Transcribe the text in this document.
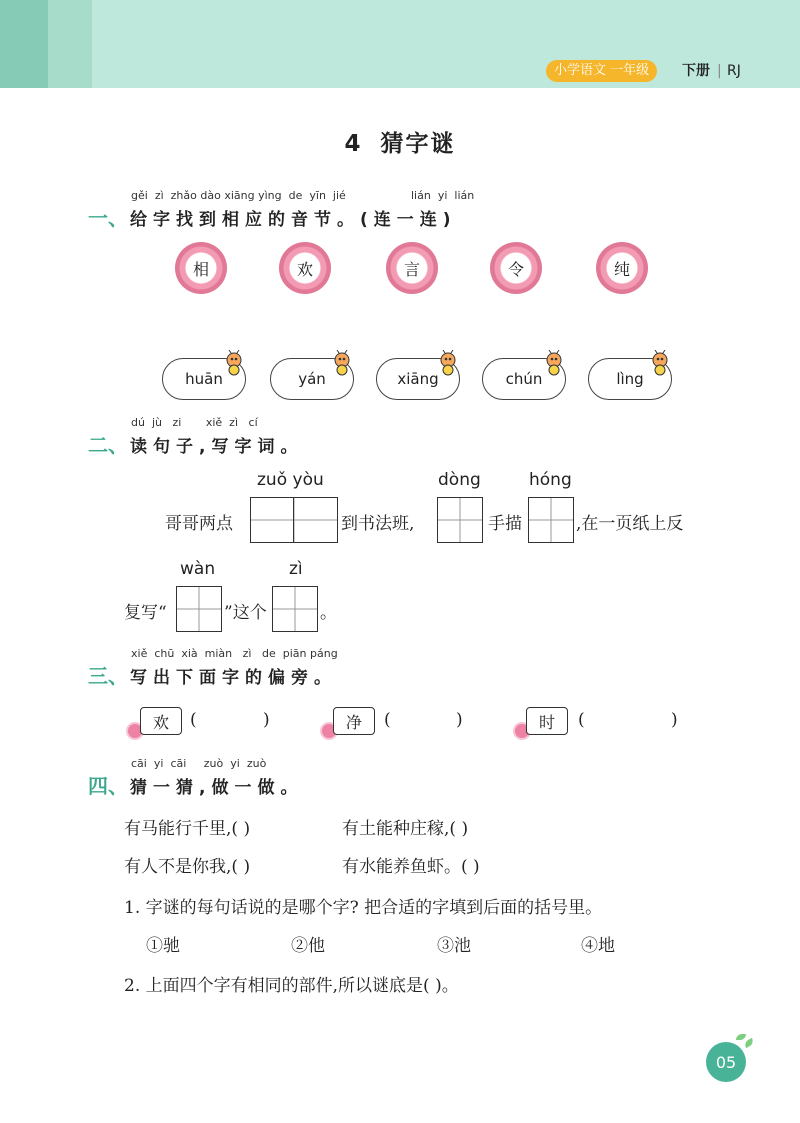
小学语文 一年级	下册 | RJ
4 猜字谜
gěi zì zhǎo dào xiāng yìng de yīn jié	lián yi lián
一、 给字找到相应的音节。(连一连)
相	欢	言	令	纯
huān	yán	xiāng	chún	lìng
dú jù zi xiě zì cí
二、 读句子,写字词。
zuǒ yòu	dòng	hóng
哥哥两点	到书法班,	手描	,在一页纸上反
wàn	zì
复写“	”这个	。
xiě chū xià miàn zì de piān páng
三、 写出下面字的偏旁。
欢	(	)	净	(	)	时	(	)
cāi yi cāi zuò yi zuò
四、 猜一猜,做一做。
有马能行千里,( )	有土能种庄稼,( )
有人不是你我,( )	有水能养鱼虾。( )
1. 字谜的每句话说的是哪个字? 把合适的字填到后面的括号里。
①驰	②他	③池	④地
2. 上面四个字有相同的部件,所以谜底是( )。
05
